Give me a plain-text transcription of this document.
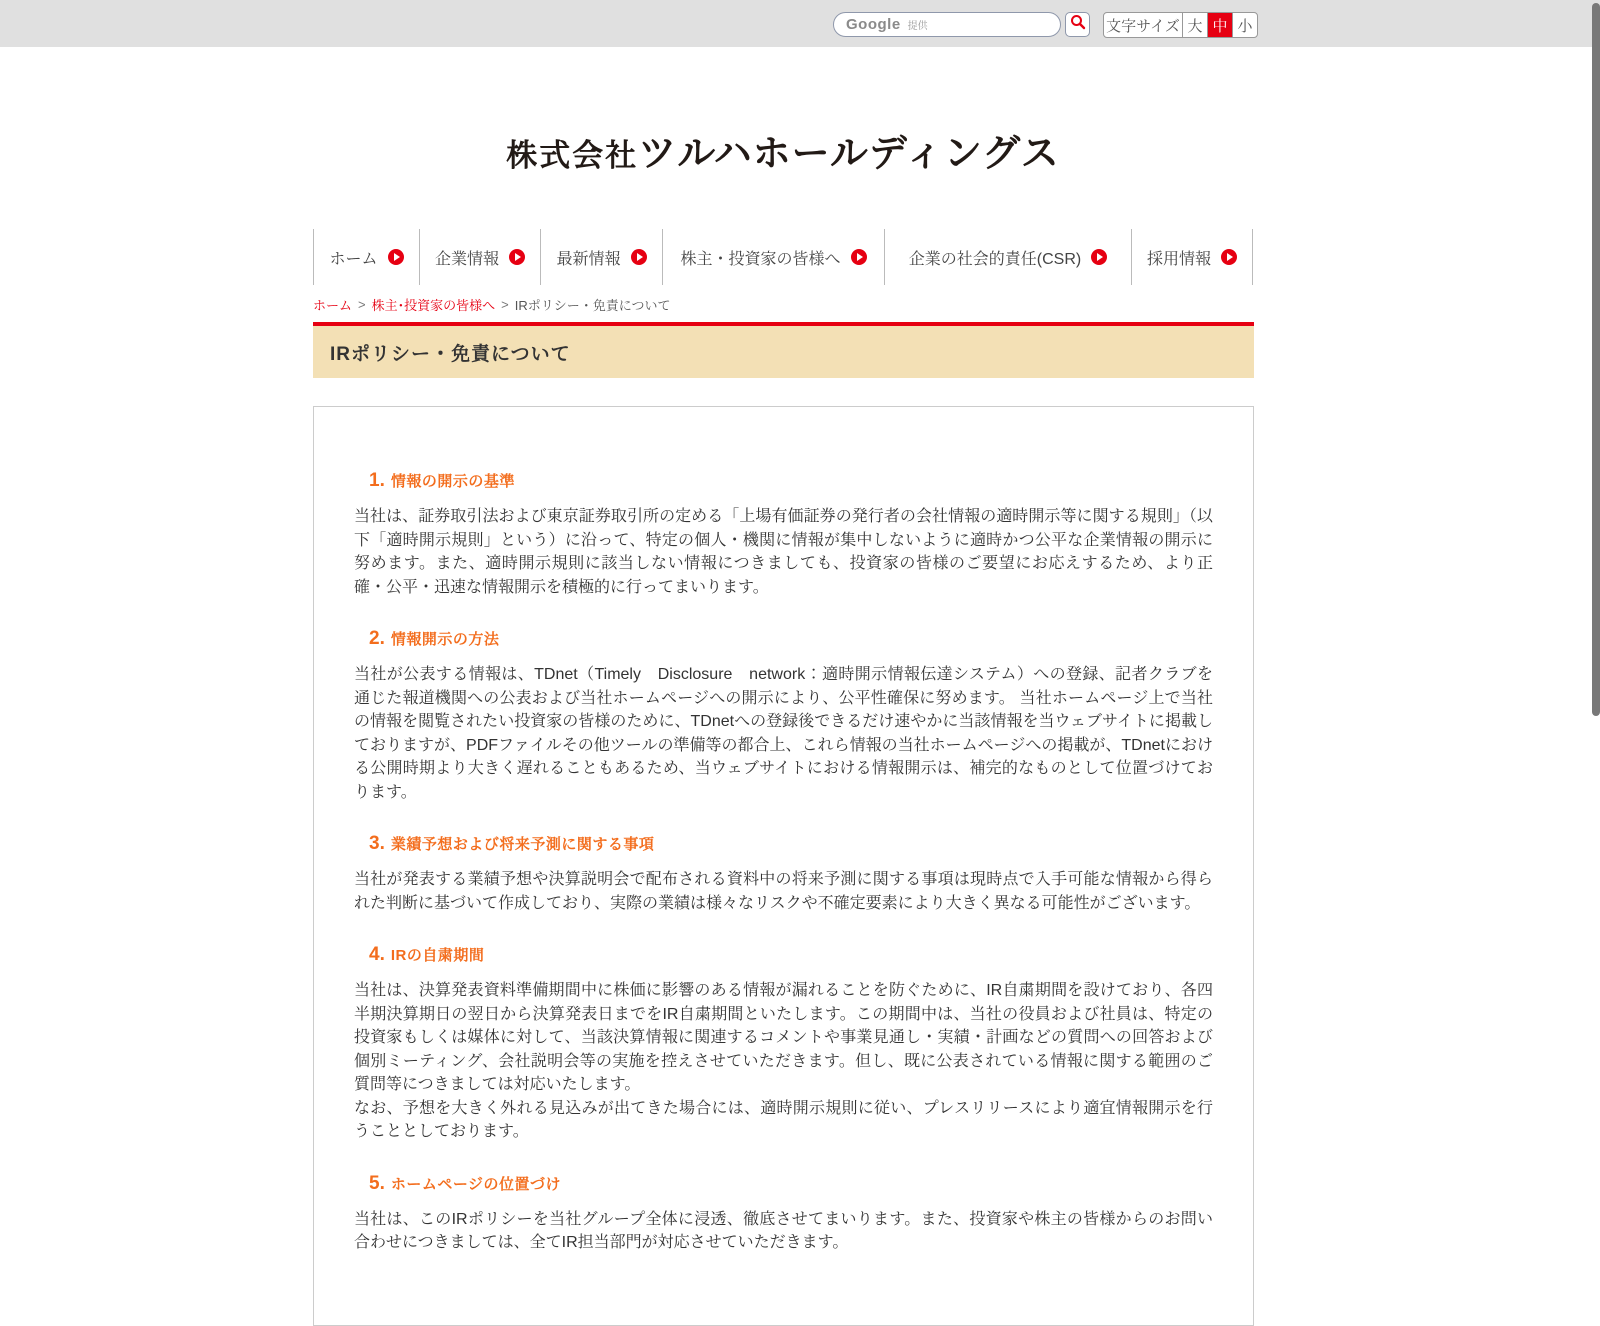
Google 提供	文字サイズ 大 中 小
株式会社ツルハホールディングス
ホーム	企業情報	最新情報	株主・投資家の皆様へ	企業の社会的責任(CSR)	採用情報
ホーム > 株主･投資家の皆様へ > IRポリシー・免責について
IRポリシー・免責について
1. 情報の開示の基準

当社は、証券取引法および東京証券取引所の定める「上場有価証券の発行者の会社情報の適時開示等に関する規則」（以下「適時開示規則」という）に沿って、特定の個人・機関に情報が集中しないように適時かつ公平な企業情報の開示に努めます。また、適時開示規則に該当しない情報につきましても、投資家の皆様のご要望にお応えするため、より正確・公平・迅速な情報開示を積極的に行ってまいります。

2. 情報開示の方法

当社が公表する情報は、TDnet（Timely　Disclosure　network：適時開示情報伝達システム）への登録、記者クラブを通じた報道機関への公表および当社ホームページへの開示により、公平性確保に努めます。 当社ホームページ上で当社の情報を閲覧されたい投資家の皆様のために、TDnetへの登録後できるだけ速やかに当該情報を当ウェブサイトに掲載しておりますが、PDFファイルその他ツールの準備等の都合上、これら情報の当社ホームページへの掲載が、TDnetにおける公開時期より大きく遅れることもあるため、当ウェブサイトにおける情報開示は、補完的なものとして位置づけております。

3. 業績予想および将来予測に関する事項

当社が発表する業績予想や決算説明会で配布される資料中の将来予測に関する事項は現時点で入手可能な情報から得られた判断に基づいて作成しており、実際の業績は様々なリスクや不確定要素により大きく異なる可能性がございます。

4. IRの自粛期間

当社は、決算発表資料準備期間中に株価に影響のある情報が漏れることを防ぐために、IR自粛期間を設けており、各四半期決算期日の翌日から決算発表日までをIR自粛期間といたします。この期間中は、当社の役員および社員は、特定の投資家もしくは媒体に対して、当該決算情報に関連するコメントや事業見通し・実績・計画などの質問への回答および個別ミーティング、会社説明会等の実施を控えさせていただきます。但し、既に公表されている情報に関する範囲のご質問等につきましては対応いたします。

なお、予想を大きく外れる見込みが出てきた場合には、適時開示規則に従い、プレスリリースにより適宜情報開示を行うこととしております。

5. ホームページの位置づけ

当社は、このIRポリシーを当社グループ全体に浸透、徹底させてまいります。また、投資家や株主の皆様からのお問い合わせにつきましては、全てIR担当部門が対応させていただきます。
